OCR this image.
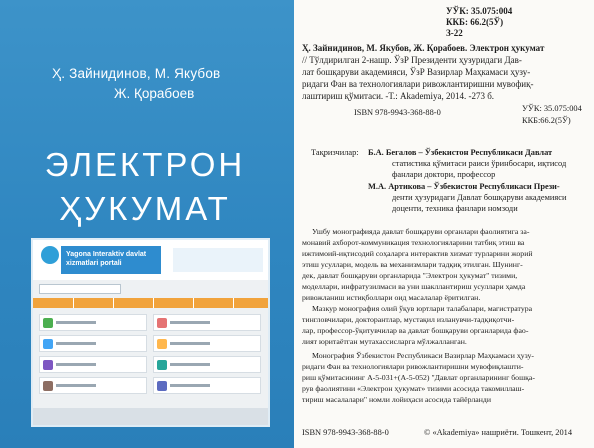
Ҳ. Зайнидинов, М. Якубов
Ж. Қорабоев
ЭЛЕКТРОН
ҲУКУМАТ
Yagona Interaktiv davlat
xizmatlari portali
УЎК: 35.075:004
ККБ: 66.2(5Ў)
З-22
Ҳ. Зайнидинов, М. Якубов, Ж. Қорабоев. Электрон ҳукумат
// Тўлдирилган 2-нашр. ЎзР Президенти ҳузуридаги Дав-
лат бошқаруви академияси, ЎзР Вазирлар Маҳкамаси ҳузу-
ридаги Фан ва технологиялари ривожлантиришни мувофиқ-
лаштириш қўмитаси. -Т.: Akademiya, 2014. -273 б.
ISBN 978-9943-368-88-0	УЎК: 35.075:004
ККБ:66.2(5Ў)
Тақризчилар: Б.А. Бегалов – Ўзбекистон Республикаси Давлат
статистика қўмитаси раиси ўринбосари, иқтисод
фанлари доктори, профессор
М.А. Артикова – Ўзбекистон Республикаси Прези-
денти ҳузуридаги Давлат бошқаруви академияси
доценти, техника фанлари номзоди
Ушбу монографияда давлат бошқаруви органлари фаолиятига за-
монавий ахборот-коммуникация технологияларини татбиқ этиш ва
ижтимоий-иқтисодий соҳаларга интерактив хизмат турларини жорий
этиш усуллари, модель ва механизмлари тадқиқ этилган. Шунинг-
дек, давлат бошқаруви органларида "Электрон ҳукумат" тизими,
моделлари, инфратузилмаси ва уни шакллантириш усуллари ҳамда
ривожланиш истиқболлари оид масалалар ёритилган.
Мазкур монография олий ўқув юртлари талабалари, магистратура
тингловчилари, докторантлар, мустақил изланувчи-тадқиқотчи-
лар, профессор-ўқитувчилар ва давлат бошқаруви органларида фао-
лият юритаётган мутахассисларга мўлжалланган.
Монография Ўзбекистон Республикаси Вазирлар Маҳкамаси ҳузу-
ридаги Фан ва технологиялари ривожлантиришни мувофиқлашти-
риш қўмитасининг А-5-031+(А-5-052) "Давлат органларининг бошқа-
рув фаолиятини «Электрон ҳукумат» тизими асосида такомиллаш-
тириш масалалари" номли лойиҳаси асосида тайёрланди
ISBN 978-9943-368-88-0	© «Akademiya» нашриёти. Тошкент, 2014
